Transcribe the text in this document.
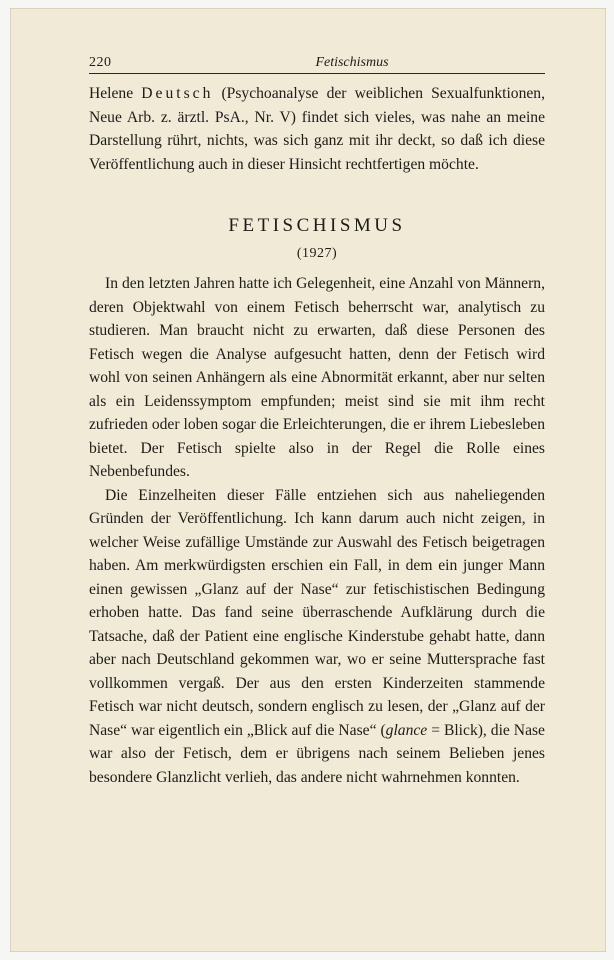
220	Fetischismus

Helene Deutsch (Psychoanalyse der weiblichen Sexualfunktionen, Neue Arb. z. ärztl. PsA., Nr. V) findet sich vieles, was nahe an meine Darstellung rührt, nichts, was sich ganz mit ihr deckt, so daß ich diese Veröffentlichung auch in dieser Hinsicht rechtfertigen möchte.

FETISCHISMUS
(1927)

In den letzten Jahren hatte ich Gelegenheit, eine Anzahl von Männern, deren Objektwahl von einem Fetisch beherrscht war, analytisch zu studieren. Man braucht nicht zu erwarten, daß diese Personen des Fetisch wegen die Analyse aufgesucht hatten, denn der Fetisch wird wohl von seinen Anhängern als eine Abnormität erkannt, aber nur selten als ein Leidenssymptom empfunden; meist sind sie mit ihm recht zufrieden oder loben sogar die Erleichterungen, die er ihrem Liebesleben bietet. Der Fetisch spielte also in der Regel die Rolle eines Nebenbefundes.

Die Einzelheiten dieser Fälle entziehen sich aus naheliegenden Gründen der Veröffentlichung. Ich kann darum auch nicht zeigen, in welcher Weise zufällige Umstände zur Auswahl des Fetisch beigetragen haben. Am merkwürdigsten erschien ein Fall, in dem ein junger Mann einen gewissen „Glanz auf der Nase“ zur fetischistischen Bedingung erhoben hatte. Das fand seine überraschende Aufklärung durch die Tatsache, daß der Patient eine englische Kinderstube gehabt hatte, dann aber nach Deutschland gekommen war, wo er seine Muttersprache fast vollkommen vergaß. Der aus den ersten Kinderzeiten stammende Fetisch war nicht deutsch, sondern englisch zu lesen, der „Glanz auf der Nase“ war eigentlich ein „Blick auf die Nase“ (glance = Blick), die Nase war also der Fetisch, dem er übrigens nach seinem Belieben jenes besondere Glanzlicht verlieh, das andere nicht wahrnehmen konnten.
